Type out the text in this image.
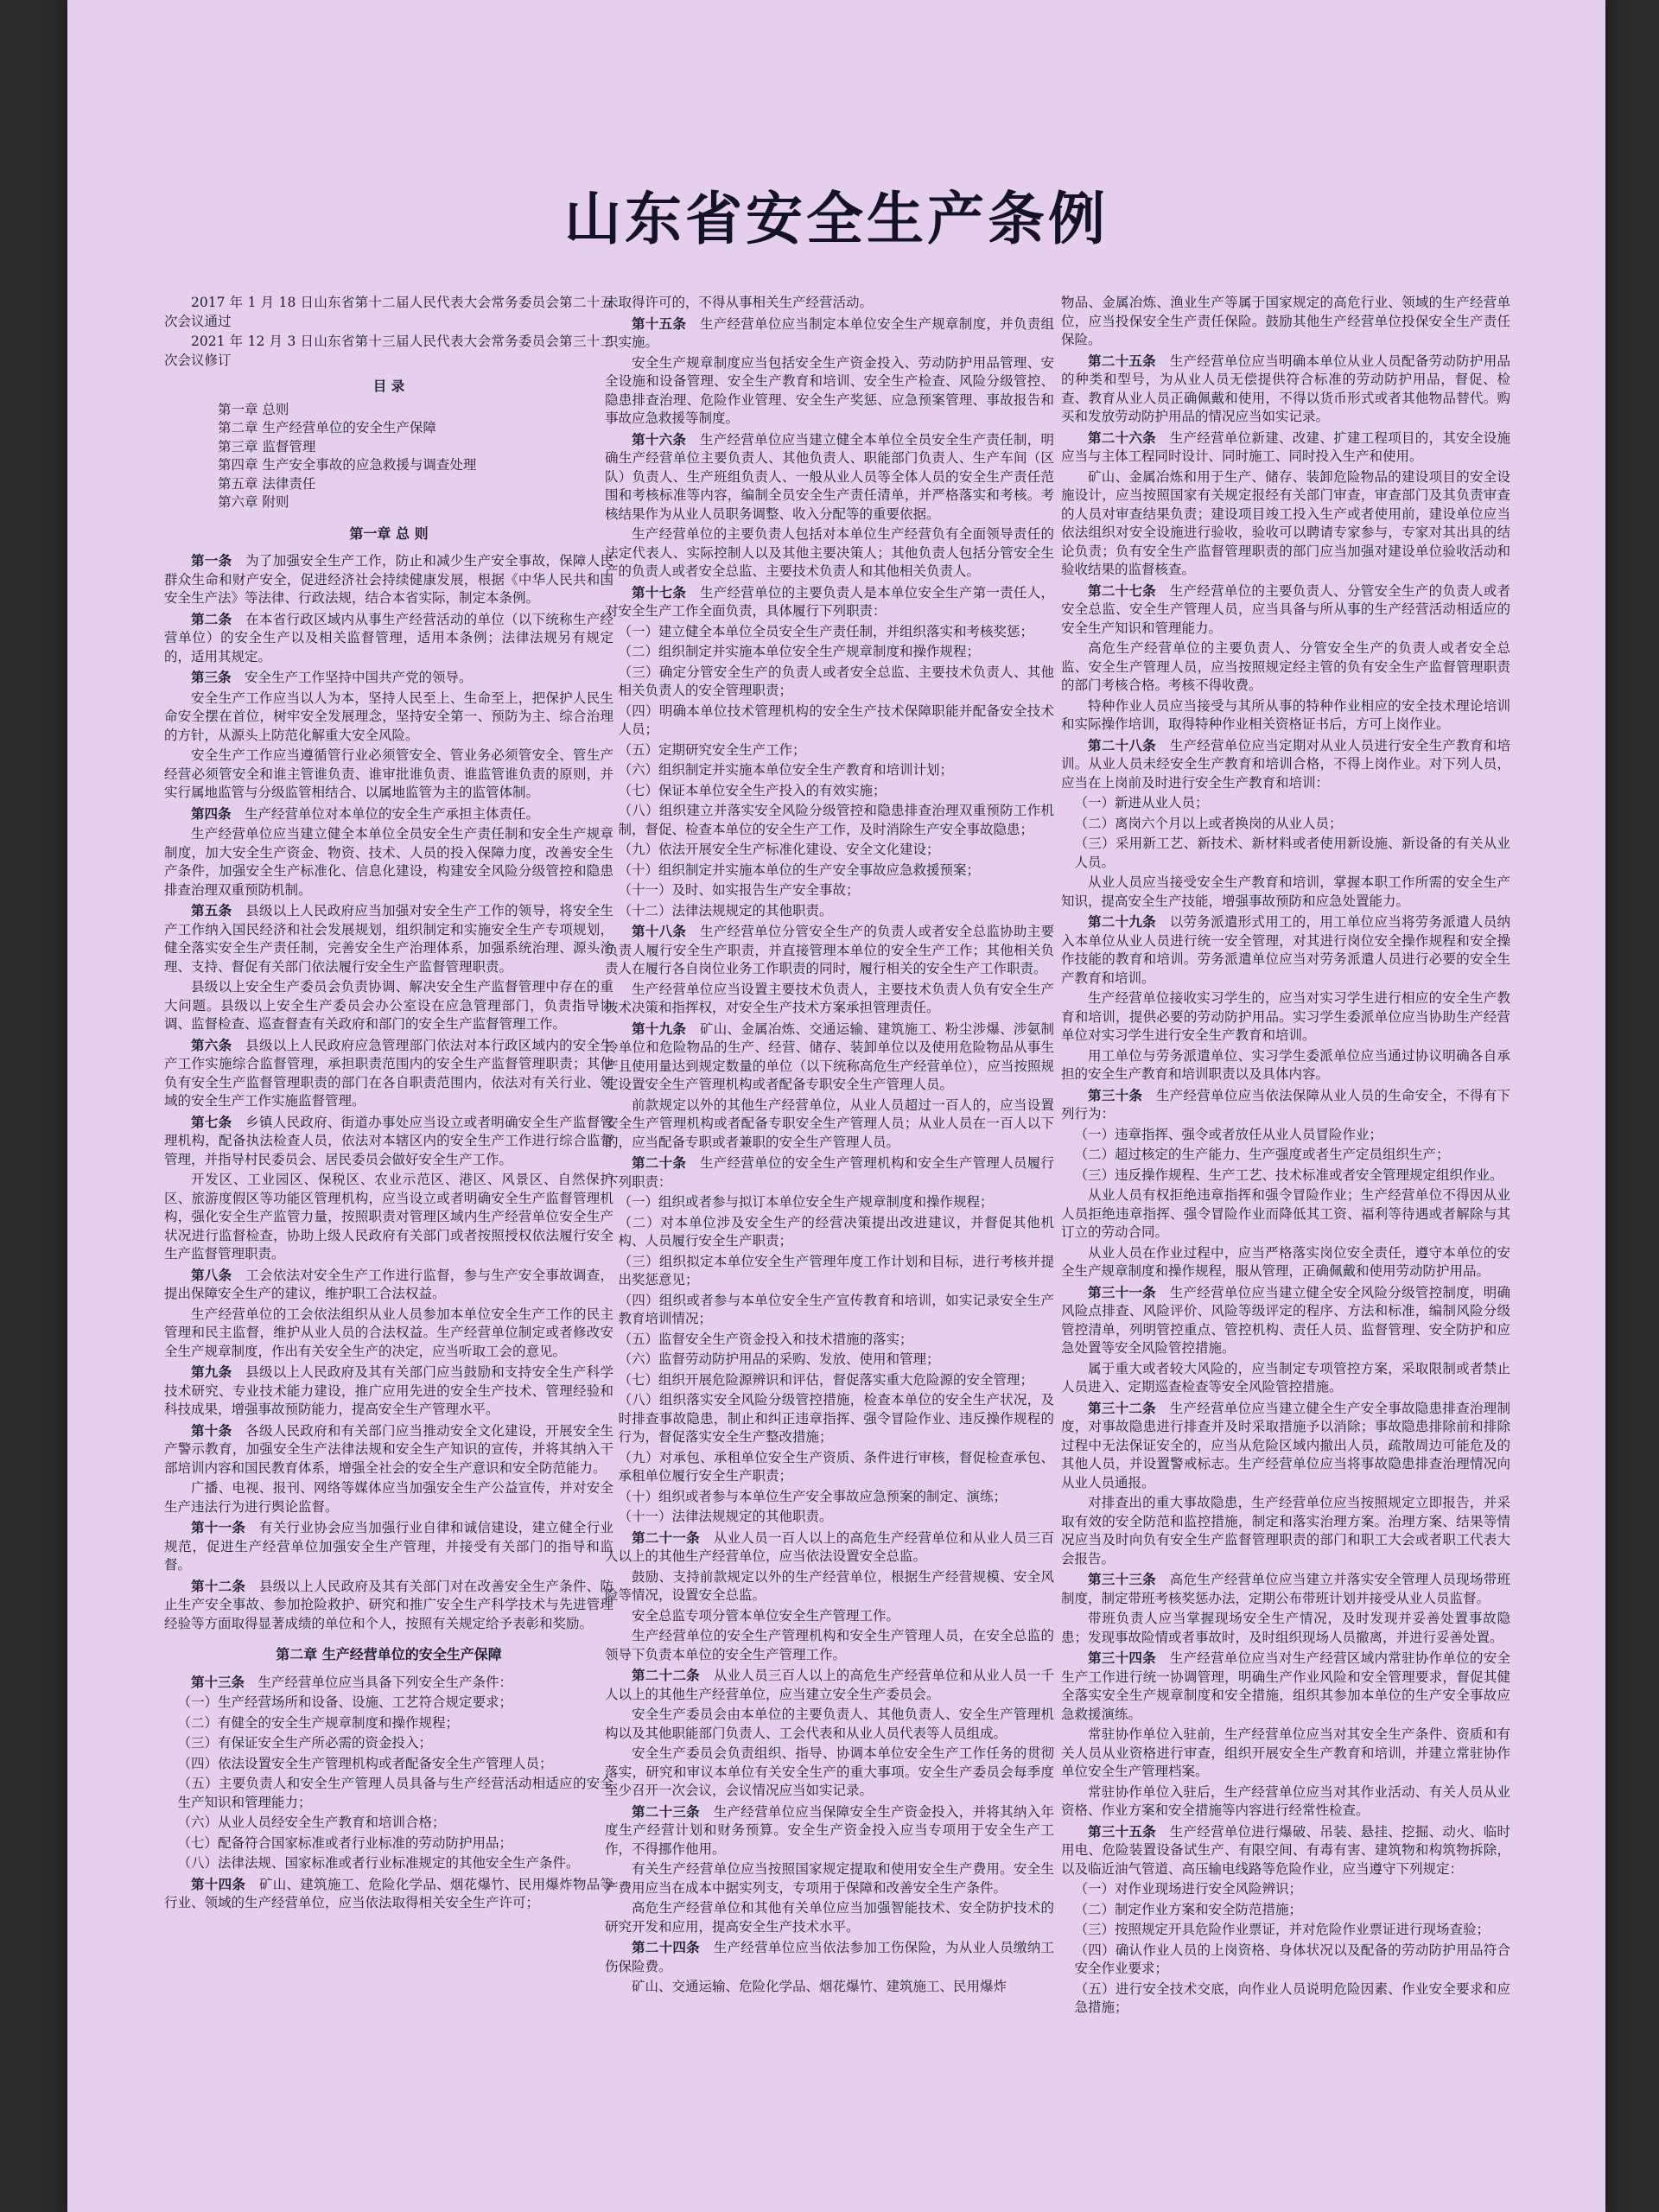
山东省安全生产条例

2017 年 1 月 18 日山东省第十二届人民代表大会常务委员会第二十五次会议通过

2021 年 12 月 3 日山东省第十三届人民代表大会常务委员会第三十二次会议修订

目 录
第一章 总则
第二章 生产经营单位的安全生产保障
第三章 监督管理
第四章 生产安全事故的应急救援与调查处理
第五章 法律责任
第六章 附则
第一章 总 则

第一条　 为了加强安全生产工作，防止和减少生产安全事故，保障人民群众生命和财产安全，促进经济社会持续健康发展，根据《中华人民共和国安全生产法》等法律、行政法规，结合本省实际，制定本条例。

第二条　 在本省行政区域内从事生产经营活动的单位（以下统称生产经营单位）的安全生产以及相关监督管理，适用本条例；法律法规另有规定的，适用其规定。

第三条　 安全生产工作坚持中国共产党的领导。

安全生产工作应当以人为本，坚持人民至上、生命至上，把保护人民生命安全摆在首位，树牢安全发展理念，坚持安全第一、预防为主、综合治理的方针，从源头上防范化解重大安全风险。

安全生产工作应当遵循管行业必须管安全、管业务必须管安全、管生产经营必须管安全和谁主管谁负责、谁审批谁负责、谁监管谁负责的原则，并实行属地监管与分级监管相结合、以属地监管为主的监管体制。

第四条　 生产经营单位对本单位的安全生产承担主体责任。

生产经营单位应当建立健全本单位全员安全生产责任制和安全生产规章制度，加大安全生产资金、物资、技术、人员的投入保障力度，改善安全生产条件，加强安全生产标准化、信息化建设，构建安全风险分级管控和隐患排查治理双重预防机制。

第五条　 县级以上人民政府应当加强对安全生产工作的领导，将安全生产工作纳入国民经济和社会发展规划，组织制定和实施安全生产专项规划，健全落实安全生产责任制，完善安全生产治理体系，加强系统治理、源头治理、支持、督促有关部门依法履行安全生产监督管理职责。

县级以上安全生产委员会负责协调、解决安全生产监督管理中存在的重大问题。县级以上安全生产委员会办公室设在应急管理部门，负责指导协调、监督检查、巡查督查有关政府和部门的安全生产监督管理工作。

第六条　 县级以上人民政府应急管理部门依法对本行政区域内的安全生产工作实施综合监督管理，承担职责范围内的安全生产监督管理职责；其他负有安全生产监督管理职责的部门在各自职责范围内，依法对有关行业、领域的安全生产工作实施监督管理。

第七条　 乡镇人民政府、街道办事处应当设立或者明确安全生产监督管理机构，配备执法检查人员，依法对本辖区内的安全生产工作进行综合监督管理，并指导村民委员会、居民委员会做好安全生产工作。

开发区、工业园区、保税区、农业示范区、港区、风景区、自然保护区、旅游度假区等功能区管理机构，应当设立或者明确安全生产监督管理机构，强化安全生产监管力量，按照职责对管理区域内生产经营单位安全生产状况进行监督检查，协助上级人民政府有关部门或者按照授权依法履行安全生产监督管理职责。

第八条　 工会依法对安全生产工作进行监督，参与生产安全事故调查，提出保障安全生产的建议，维护职工合法权益。

生产经营单位的工会依法组织从业人员参加本单位安全生产工作的民主管理和民主监督，维护从业人员的合法权益。生产经营单位制定或者修改安全生产规章制度，作出有关安全生产的决定，应当听取工会的意见。

第九条　 县级以上人民政府及其有关部门应当鼓励和支持安全生产科学技术研究、专业技术能力建设，推广应用先进的安全生产技术、管理经验和科技成果，增强事故预防能力，提高安全生产管理水平。

第十条　 各级人民政府和有关部门应当推动安全文化建设，开展安全生产警示教育，加强安全生产法律法规和安全生产知识的宣传，并将其纳入干部培训内容和国民教育体系，增强全社会的安全生产意识和安全防范能力。

广播、电视、报刊、网络等媒体应当加强安全生产公益宣传，并对安全生产违法行为进行舆论监督。

第十一条　 有关行业协会应当加强行业自律和诚信建设，建立健全行业规范，促进生产经营单位加强安全生产管理，并接受有关部门的指导和监督。

第十二条　 县级以上人民政府及其有关部门对在改善安全生产条件、防止生产安全事故、参加抢险救护、研究和推广安全生产科学技术与先进管理经验等方面取得显著成绩的单位和个人，按照有关规定给予表彰和奖励。

第二章 生产经营单位的安全生产保障

第十三条　 生产经营单位应当具备下列安全生产条件：

（一）生产经营场所和设备、设施、工艺符合规定要求；

（二）有健全的安全生产规章制度和操作规程；

（三）有保证安全生产所必需的资金投入；

（四）依法设置安全生产管理机构或者配备安全生产管理人员；

（五）主要负责人和安全生产管理人员具备与生产经营活动相适应的安全生产知识和管理能力；

（六）从业人员经安全生产教育和培训合格；

（七）配备符合国家标准或者行业标准的劳动防护用品；

（八）法律法规、国家标准或者行业标准规定的其他安全生产条件。

第十四条　 矿山、建筑施工、危险化学品、烟花爆竹、民用爆炸物品等行业、领域的生产经营单位，应当依法取得相关安全生产许可；

未取得许可的，不得从事相关生产经营活动。

第十五条　 生产经营单位应当制定本单位安全生产规章制度，并负责组织实施。

安全生产规章制度应当包括安全生产资金投入、劳动防护用品管理、安全设施和设备管理、安全生产教育和培训、安全生产检查、风险分级管控、隐患排查治理、危险作业管理、安全生产奖惩、应急预案管理、事故报告和事故应急救援等制度。

第十六条　 生产经营单位应当建立健全本单位全员安全生产责任制，明确生产经营单位主要负责人、其他负责人、职能部门负责人、生产车间（区队）负责人、生产班组负责人、一般从业人员等全体人员的安全生产责任范围和考核标准等内容，编制全员安全生产责任清单，并严格落实和考核。考核结果作为从业人员职务调整、收入分配等的重要依据。

生产经营单位的主要负责人包括对本单位生产经营负有全面领导责任的法定代表人、实际控制人以及其他主要决策人；其他负责人包括分管安全生产的负责人或者安全总监、主要技术负责人和其他相关负责人。

第十七条　 生产经营单位的主要负责人是本单位安全生产第一责任人，对安全生产工作全面负责，具体履行下列职责：

（一）建立健全本单位全员安全生产责任制，并组织落实和考核奖惩；

（二）组织制定并实施本单位安全生产规章制度和操作规程；

（三）确定分管安全生产的负责人或者安全总监、主要技术负责人、其他相关负责人的安全管理职责；

（四）明确本单位技术管理机构的安全生产技术保障职能并配备安全技术人员；

（五）定期研究安全生产工作；

（六）组织制定并实施本单位安全生产教育和培训计划；

（七）保证本单位安全生产投入的有效实施；

（八）组织建立并落实安全风险分级管控和隐患排查治理双重预防工作机制，督促、检查本单位的安全生产工作，及时消除生产安全事故隐患；

（九）依法开展安全生产标准化建设、安全文化建设；

（十）组织制定并实施本单位的生产安全事故应急救援预案；

（十一）及时、如实报告生产安全事故；

（十二）法律法规规定的其他职责。

第十八条　 生产经营单位分管安全生产的负责人或者安全总监协助主要负责人履行安全生产职责，并直接管理本单位的安全生产工作；其他相关负责人在履行各自岗位业务工作职责的同时，履行相关的安全生产工作职责。

生产经营单位应当设置主要技术负责人，主要技术负责人负有安全生产技术决策和指挥权，对安全生产技术方案承担管理责任。

第十九条　 矿山、金属冶炼、交通运输、建筑施工、粉尘涉爆、涉氨制冷单位和危险物品的生产、经营、储存、装卸单位以及使用危险物品从事生产且使用量达到规定数量的单位（以下统称高危生产经营单位），应当按照规定设置安全生产管理机构或者配备专职安全生产管理人员。

前款规定以外的其他生产经营单位，从业人员超过一百人的，应当设置安全生产管理机构或者配备专职安全生产管理人员；从业人员在一百人以下的，应当配备专职或者兼职的安全生产管理人员。

第二十条　 生产经营单位的安全生产管理机构和安全生产管理人员履行下列职责：

（一）组织或者参与拟订本单位安全生产规章制度和操作规程；

（二）对本单位涉及安全生产的经营决策提出改进建议，并督促其他机构、人员履行安全生产职责；

（三）组织拟定本单位安全生产管理年度工作计划和目标，进行考核并提出奖惩意见；

（四）组织或者参与本单位安全生产宣传教育和培训，如实记录安全生产教育培训情况；

（五）监督安全生产资金投入和技术措施的落实；

（六）监督劳动防护用品的采购、发放、使用和管理；

（七）组织开展危险源辨识和评估，督促落实重大危险源的安全管理；

（八）组织落实安全风险分级管控措施，检查本单位的安全生产状况，及时排查事故隐患，制止和纠正违章指挥、强令冒险作业、违反操作规程的行为，督促落实安全生产整改措施；

（九）对承包、承租单位安全生产资质、条件进行审核，督促检查承包、承租单位履行安全生产职责；

（十）组织或者参与本单位生产安全事故应急预案的制定、演练；

（十一）法律法规规定的其他职责。

第二十一条　 从业人员一百人以上的高危生产经营单位和从业人员三百人以上的其他生产经营单位，应当依法设置安全总监。

鼓励、支持前款规定以外的生产经营单位，根据生产经营规模、安全风险等情况，设置安全总监。

安全总监专项分管本单位安全生产管理工作。

生产经营单位的安全生产管理机构和安全生产管理人员，在安全总监的领导下负责本单位的安全生产管理工作。

第二十二条　 从业人员三百人以上的高危生产经营单位和从业人员一千人以上的其他生产经营单位，应当建立安全生产委员会。

安全生产委员会由本单位的主要负责人、其他负责人、安全生产管理机构以及其他职能部门负责人、工会代表和从业人员代表等人员组成。

安全生产委员会负责组织、指导、协调本单位安全生产工作任务的贯彻落实，研究和审议本单位有关安全生产的重大事项。安全生产委员会每季度至少召开一次会议，会议情况应当如实记录。

第二十三条　 生产经营单位应当保障安全生产资金投入，并将其纳入年度生产经营计划和财务预算。安全生产资金投入应当专项用于安全生产工作，不得挪作他用。

有关生产经营单位应当按照国家规定提取和使用安全生产费用。安全生产费用应当在成本中据实列支，专项用于保障和改善安全生产条件。

高危生产经营单位和其他有关单位应当加强智能技术、安全防护技术的研究开发和应用，提高安全生产技术水平。

第二十四条　 生产经营单位应当依法参加工伤保险，为从业人员缴纳工伤保险费。

矿山、交通运输、危险化学品、烟花爆竹、建筑施工、民用爆炸

物品、金属冶炼、渔业生产等属于国家规定的高危行业、领域的生产经营单位，应当投保安全生产责任保险。鼓励其他生产经营单位投保安全生产责任保险。

第二十五条　 生产经营单位应当明确本单位从业人员配备劳动防护用品的种类和型号，为从业人员无偿提供符合标准的劳动防护用品，督促、检查、教育从业人员正确佩戴和使用，不得以货币形式或者其他物品替代。购买和发放劳动防护用品的情况应当如实记录。

第二十六条　 生产经营单位新建、改建、扩建工程项目的，其安全设施应当与主体工程同时设计、同时施工、同时投入生产和使用。

矿山、金属冶炼和用于生产、储存、装卸危险物品的建设项目的安全设施设计，应当按照国家有关规定报经有关部门审查，审查部门及其负责审查的人员对审查结果负责；建设项目竣工投入生产或者使用前，建设单位应当依法组织对安全设施进行验收，验收可以聘请专家参与，专家对其出具的结论负责；负有安全生产监督管理职责的部门应当加强对建设单位验收活动和验收结果的监督核查。

第二十七条　 生产经营单位的主要负责人、分管安全生产的负责人或者安全总监、安全生产管理人员，应当具备与所从事的生产经营活动相适应的安全生产知识和管理能力。

高危生产经营单位的主要负责人、分管安全生产的负责人或者安全总监、安全生产管理人员，应当按照规定经主管的负有安全生产监督管理职责的部门考核合格。考核不得收费。

特种作业人员应当接受与其所从事的特种作业相应的安全技术理论培训和实际操作培训，取得特种作业相关资格证书后，方可上岗作业。

第二十八条　 生产经营单位应当定期对从业人员进行安全生产教育和培训。从业人员未经安全生产教育和培训合格，不得上岗作业。对下列人员，应当在上岗前及时进行安全生产教育和培训：

（一）新进从业人员；

（二）离岗六个月以上或者换岗的从业人员；

（三）采用新工艺、新技术、新材料或者使用新设施、新设备的有关从业人员。

从业人员应当接受安全生产教育和培训，掌握本职工作所需的安全生产知识，提高安全生产技能，增强事故预防和应急处置能力。

第二十九条　 以劳务派遣形式用工的，用工单位应当将劳务派遣人员纳入本单位从业人员进行统一安全管理，对其进行岗位安全操作规程和安全操作技能的教育和培训。劳务派遣单位应当对劳务派遣人员进行必要的安全生产教育和培训。

生产经营单位接收实习学生的，应当对实习学生进行相应的安全生产教育和培训，提供必要的劳动防护用品。实习学生委派单位应当协助生产经营单位对实习学生进行安全生产教育和培训。

用工单位与劳务派遣单位、实习学生委派单位应当通过协议明确各自承担的安全生产教育和培训职责以及具体内容。

第三十条　 生产经营单位应当依法保障从业人员的生命安全，不得有下列行为：

（一）违章指挥、强令或者放任从业人员冒险作业；

（二）超过核定的生产能力、生产强度或者生产定员组织生产；

（三）违反操作规程、生产工艺、技术标准或者安全管理规定组织作业。

从业人员有权拒绝违章指挥和强令冒险作业；生产经营单位不得因从业人员拒绝违章指挥、强令冒险作业而降低其工资、福利等待遇或者解除与其订立的劳动合同。

从业人员在作业过程中，应当严格落实岗位安全责任，遵守本单位的安全生产规章制度和操作规程，服从管理，正确佩戴和使用劳动防护用品。

第三十一条　 生产经营单位应当建立健全安全风险分级管控制度，明确风险点排查、风险评价、风险等级评定的程序、方法和标准，编制风险分级管控清单，列明管控重点、管控机构、责任人员、监督管理、安全防护和应急处置等安全风险管控措施。

属于重大或者较大风险的，应当制定专项管控方案，采取限制或者禁止人员进入、定期巡查检查等安全风险管控措施。

第三十二条　 生产经营单位应当建立健全生产安全事故隐患排查治理制度，对事故隐患进行排查并及时采取措施予以消除；事故隐患排除前和排除过程中无法保证安全的，应当从危险区域内撤出人员，疏散周边可能危及的其他人员，并设置警戒标志。生产经营单位应当将事故隐患排查治理情况向从业人员通报。

对排查出的重大事故隐患，生产经营单位应当按照规定立即报告，并采取有效的安全防范和监控措施，制定和落实治理方案。治理方案、结果等情况应当及时向负有安全生产监督管理职责的部门和职工大会或者职工代表大会报告。

第三十三条　 高危生产经营单位应当建立并落实安全管理人员现场带班制度，制定带班考核奖惩办法，定期公布带班计划并接受从业人员监督。

带班负责人应当掌握现场安全生产情况，及时发现并妥善处置事故隐患；发现事故险情或者事故时，及时组织现场人员撤离，并进行妥善处置。

第三十四条　 生产经营单位应当对生产经营区域内常驻协作单位的安全生产工作进行统一协调管理，明确生产作业风险和安全管理要求，督促其健全落实安全生产规章制度和安全措施，组织其参加本单位的生产安全事故应急救援演练。

常驻协作单位入驻前，生产经营单位应当对其安全生产条件、资质和有关人员从业资格进行审查，组织开展安全生产教育和培训，并建立常驻协作单位安全生产管理档案。

常驻协作单位入驻后，生产经营单位应当对其作业活动、有关人员从业资格、作业方案和安全措施等内容进行经常性检查。

第三十五条　 生产经营单位进行爆破、吊装、悬挂、挖掘、动火、临时用电、危险装置设备试生产、有限空间、有毒有害、建筑物和构筑物拆除，以及临近油气管道、高压输电线路等危险作业，应当遵守下列规定：

（一）对作业现场进行安全风险辨识；

（二）制定作业方案和安全防范措施；

（三）按照规定开具危险作业票证，并对危险作业票证进行现场查验；

（四）确认作业人员的上岗资格、身体状况以及配备的劳动防护用品符合安全作业要求；

（五）进行安全技术交底，向作业人员说明危险因素、作业安全要求和应急措施；
